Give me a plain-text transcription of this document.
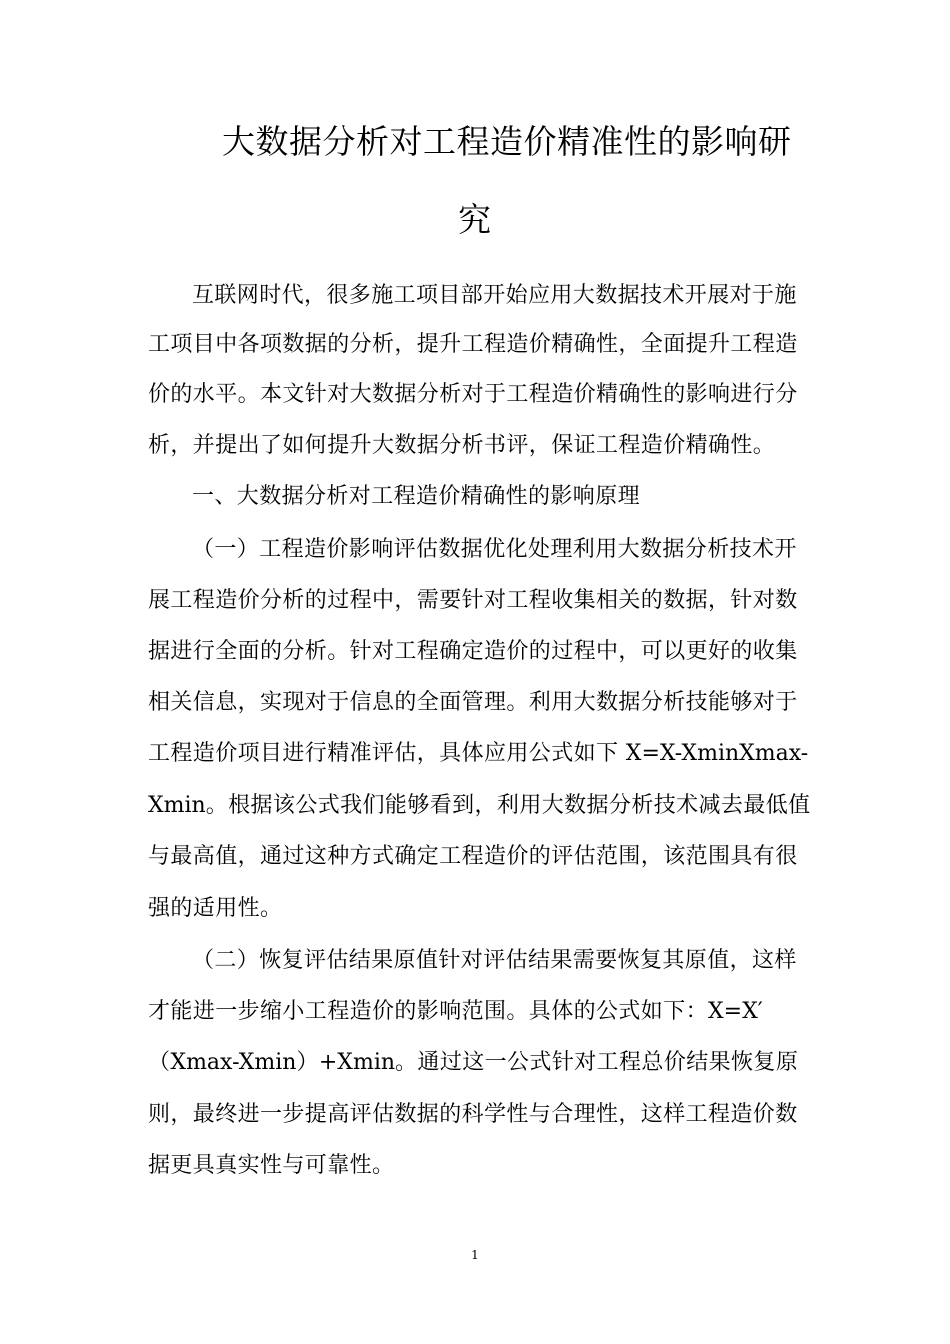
大数据分析对工程造价精准性的影响研
究
互联网时代，很多施工项目部开始应用大数据技术开展对于施
工项目中各项数据的分析，提升工程造价精确性，全面提升工程造
价的水平。本文针对大数据分析对于工程造价精确性的影响进行分
析，并提出了如何提升大数据分析书评，保证工程造价精确性。
一、大数据分析对工程造价精确性的影响原理
（一）工程造价影响评估数据优化处理利用大数据分析技术开
展工程造价分析的过程中，需要针对工程收集相关的数据，针对数
据进行全面的分析。针对工程确定造价的过程中，可以更好的收集
相关信息，实现对于信息的全面管理。利用大数据分析技能够对于
工程造价项目进行精准评估，具体应用公式如下 X=X-XminXmax-
Xmin。根据该公式我们能够看到，利用大数据分析技术减去最低值
与最高值，通过这种方式确定工程造价的评估范围，该范围具有很
强的适用性。
（二）恢复评估结果原值针对评估结果需要恢复其原值，这样
才能进一步缩小工程造价的影响范围。具体的公式如下：X=X′
（Xmax-Xmin）+Xmin。通过这一公式针对工程总价结果恢复原
则，最终进一步提高评估数据的科学性与合理性，这样工程造价数
据更具真实性与可靠性。
1
